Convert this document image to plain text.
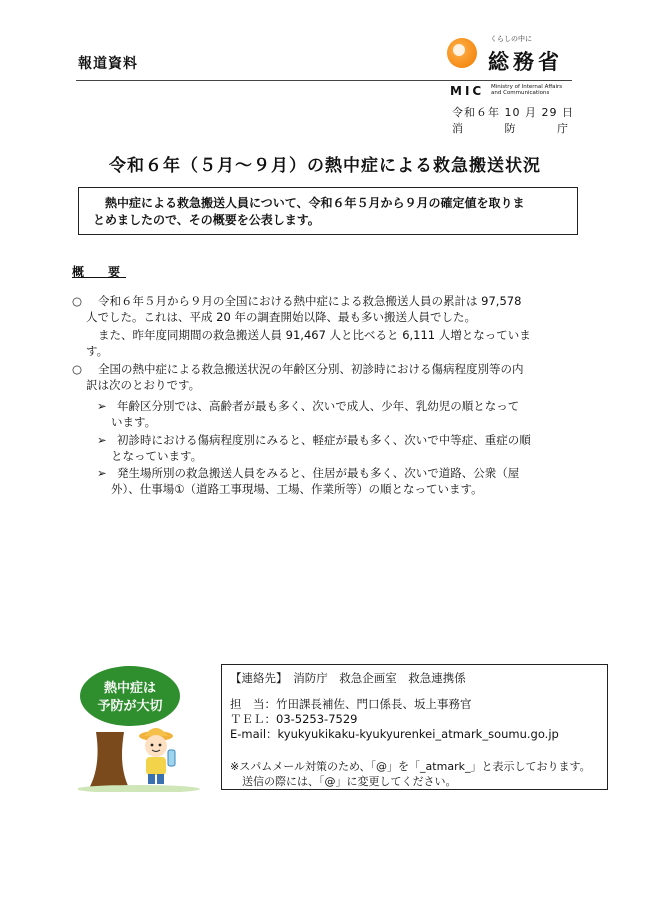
報道資料
くらしの中に
総務省
MIC Ministry of Internal Affairs
and Communications
令和６年 10 月 29 日
消	防	庁
令和６年（５月～９月）の熱中症による救急搬送状況
熱中症による救急搬送人員について、令和６年５月から９月の確定値を取りま
とめましたので、その概要を公表します。
概　要
○ 令和６年５月から９月の全国における熱中症による救急搬送人員の累計は 97,578
人でした。これは、平成 20 年の調査開始以降、最も多い搬送人員でした。
また、昨年度同期間の救急搬送人員 91,467 人と比べると 6,111 人増となっていま
す。
○ 全国の熱中症による救急搬送状況の年齢区分別、初診時における傷病程度別等の内
訳は次のとおりです。
➢ 年齢区分別では、高齢者が最も多く、次いで成人、少年、乳幼児の順となって
います。
➢ 初診時における傷病程度別にみると、軽症が最も多く、次いで中等症、重症の順
となっています。
➢ 発生場所別の救急搬送人員をみると、住居が最も多く、次いで道路、公衆（屋
外）、仕事場①（道路工事現場、工場、作業所等）の順となっています。
熱中症は
予防が大切
【連絡先】　消防庁　救急企画室　救急連携係
担　当：竹田課長補佐、門口係長、坂上事務官
ＴＥＬ：03-5253-7529
E-mail：kyukyukikaku-kyukyurenkei_atmark_soumu.go.jp
※スパムメール対策のため、「@」を「_atmark_」と表示しております。
送信の際には、「@」に変更してください。
